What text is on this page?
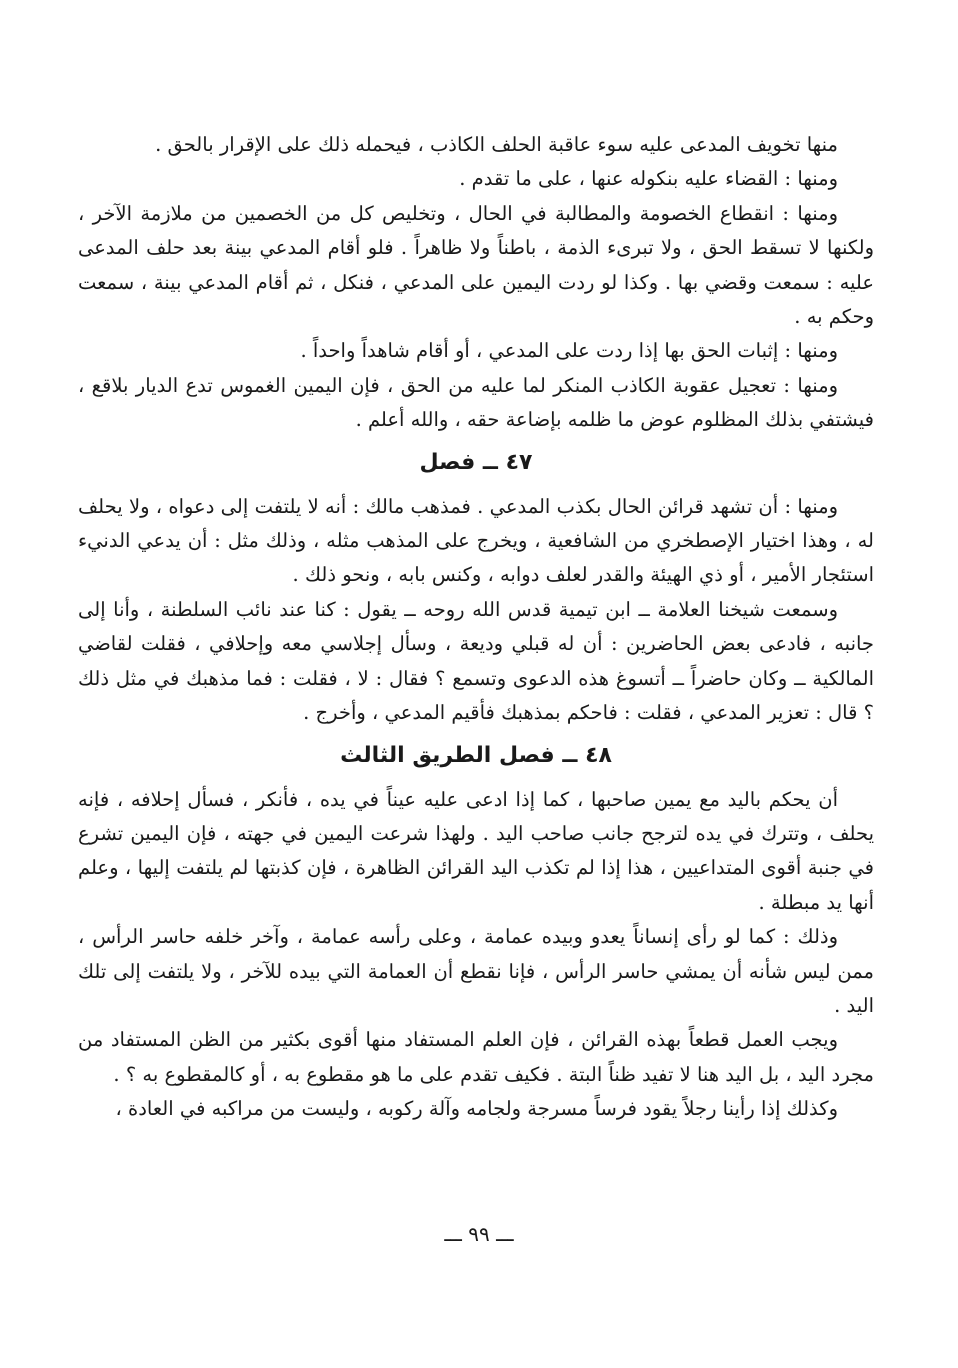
منها تخويف المدعى عليه سوء عاقبة الحلف الكاذب ، فيحمله ذلك على الإقرار بالحق .

ومنها : القضاء عليه بنكوله عنها ، على ما تقدم .

ومنها : انقطاع الخصومة والمطالبة في الحال ، وتخليص كل من الخصمين من ملازمة الآخر ، ولكنها لا تسقط الحق ، ولا تبرىء الذمة ، باطناً ولا ظاهراً . فلو أقام المدعي بينة بعد حلف المدعى عليه : سمعت وقضي بها . وكذا لو ردت اليمين على المدعي ، فنكل ، ثم أقام المدعي بينة ، سمعت وحكم به .

ومنها : إثبات الحق بها إذا ردت على المدعي ، أو أقام شاهداً واحداً .

ومنها : تعجيل عقوبة الكاذب المنكر لما عليه من الحق ، فإن اليمين الغموس تدع الديار بلاقع ، فيشتفي بذلك المظلوم عوض ما ظلمه بإضاعة حقه ، والله أعلم .

٤٧ ــ فصل

ومنها : أن تشهد قرائن الحال بكذب المدعي . فمذهب مالك : أنه لا يلتفت إلى دعواه ، ولا يحلف له ، وهذا اختيار الإصطخري من الشافعية ، ويخرج على المذهب مثله ، وذلك مثل : أن يدعي الدنيء استئجار الأمير ، أو ذي الهيئة والقدر لعلف دوابه ، وكنس بابه ، ونحو ذلك .

وسمعت شيخنا العلامة ــ ابن تيمية قدس الله روحه ــ يقول : كنا عند نائب السلطنة ، وأنا إلى جانبه ، فادعى بعض الحاضرين : أن له قبلي وديعة ، وسأل إجلاسي معه وإحلافي ، فقلت لقاضي المالكية ــ وكان حاضراً ــ أتسوغ هذه الدعوى وتسمع ؟ فقال : لا ، فقلت : فما مذهبك في مثل ذلك ؟ قال : تعزير المدعي ، فقلت : فاحكم بمذهبك فأقيم المدعي ، وأخرج .

٤٨ ــ فصل الطريق الثالث

أن يحكم باليد مع يمين صاحبها ، كما إذا ادعى عليه عيناً في يده ، فأنكر ، فسأل إحلافه ، فإنه يحلف ، وتترك في يده لترجح جانب صاحب اليد . ولهذا شرعت اليمين في جهته ، فإن اليمين تشرع في جنبة أقوى المتداعيين ، هذا إذا لم تكذب اليد القرائن الظاهرة ، فإن كذبتها لم يلتفت إليها ، وعلم أنها يد مبطلة .

وذلك : كما لو رأى إنساناً يعدو وبيده عمامة ، وعلى رأسه عمامة ، وآخر خلفه حاسر الرأس ، ممن ليس شأنه أن يمشي حاسر الرأس ، فإنا نقطع أن العمامة التي بيده للآخر ، ولا يلتفت إلى تلك اليد .

ويجب العمل قطعاً بهذه القرائن ، فإن العلم المستفاد منها أقوى بكثير من الظن المستفاد من مجرد اليد ، بل اليد هنا لا تفيد ظناً البتة . فكيف تقدم على ما هو مقطوع به ، أو كالمقطوع به ؟ .

وكذلك إذا رأينا رجلاً يقود فرساً مسرجة ولجامه وآلة ركوبه ، وليست من مراكبه في العادة ،

ـــ ٩٩ ـــ
